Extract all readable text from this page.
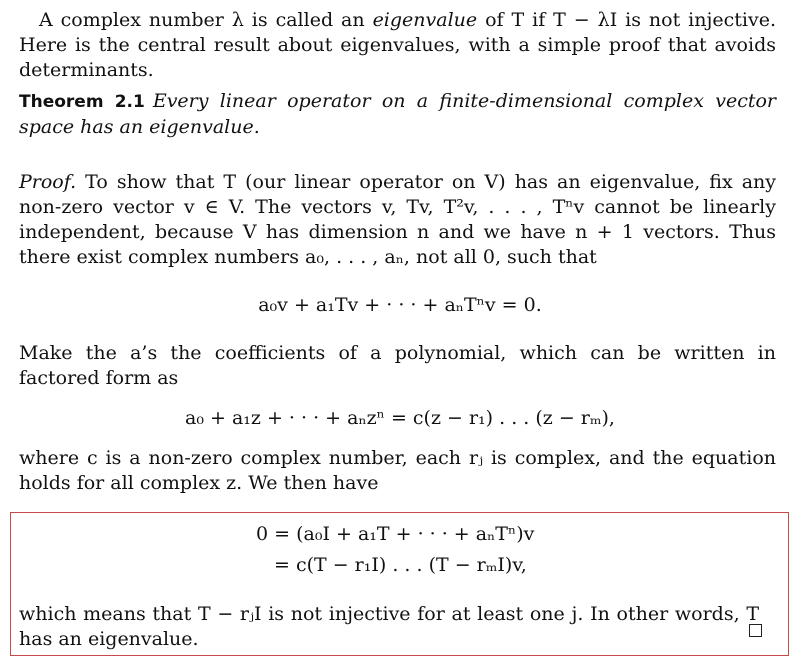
A complex number λ is called an eigenvalue of T if T − λI is not injective. Here is the central result about eigenvalues, with a simple proof that avoids determinants.

Theorem 2.1 Every linear operator on a finite-dimensional complex vector space has an eigenvalue.

Proof. To show that T (our linear operator on V) has an eigenvalue, fix any non-zero vector v ∈ V. The vectors v, Tv, T²v, . . . , Tⁿv cannot be linearly independent, because V has dimension n and we have n + 1 vectors. Thus there exist complex numbers a₀, . . . , aₙ, not all 0, such that

a₀v + a₁Tv + · · · + aₙTⁿv = 0.

Make the a’s the coefficients of a polynomial, which can be written in factored form as

a₀ + a₁z + · · · + aₙzⁿ = c(z − r₁) . . . (z − rₘ),

where c is a non-zero complex number, each rⱼ is complex, and the equation holds for all complex z. We then have

0 = (a₀I + a₁T + · · · + aₙTⁿ)v

= c(T − r₁I) . . . (T − rₘI)v,

which means that T − rⱼI is not injective for at least one j. In other words, T has an eigenvalue.
